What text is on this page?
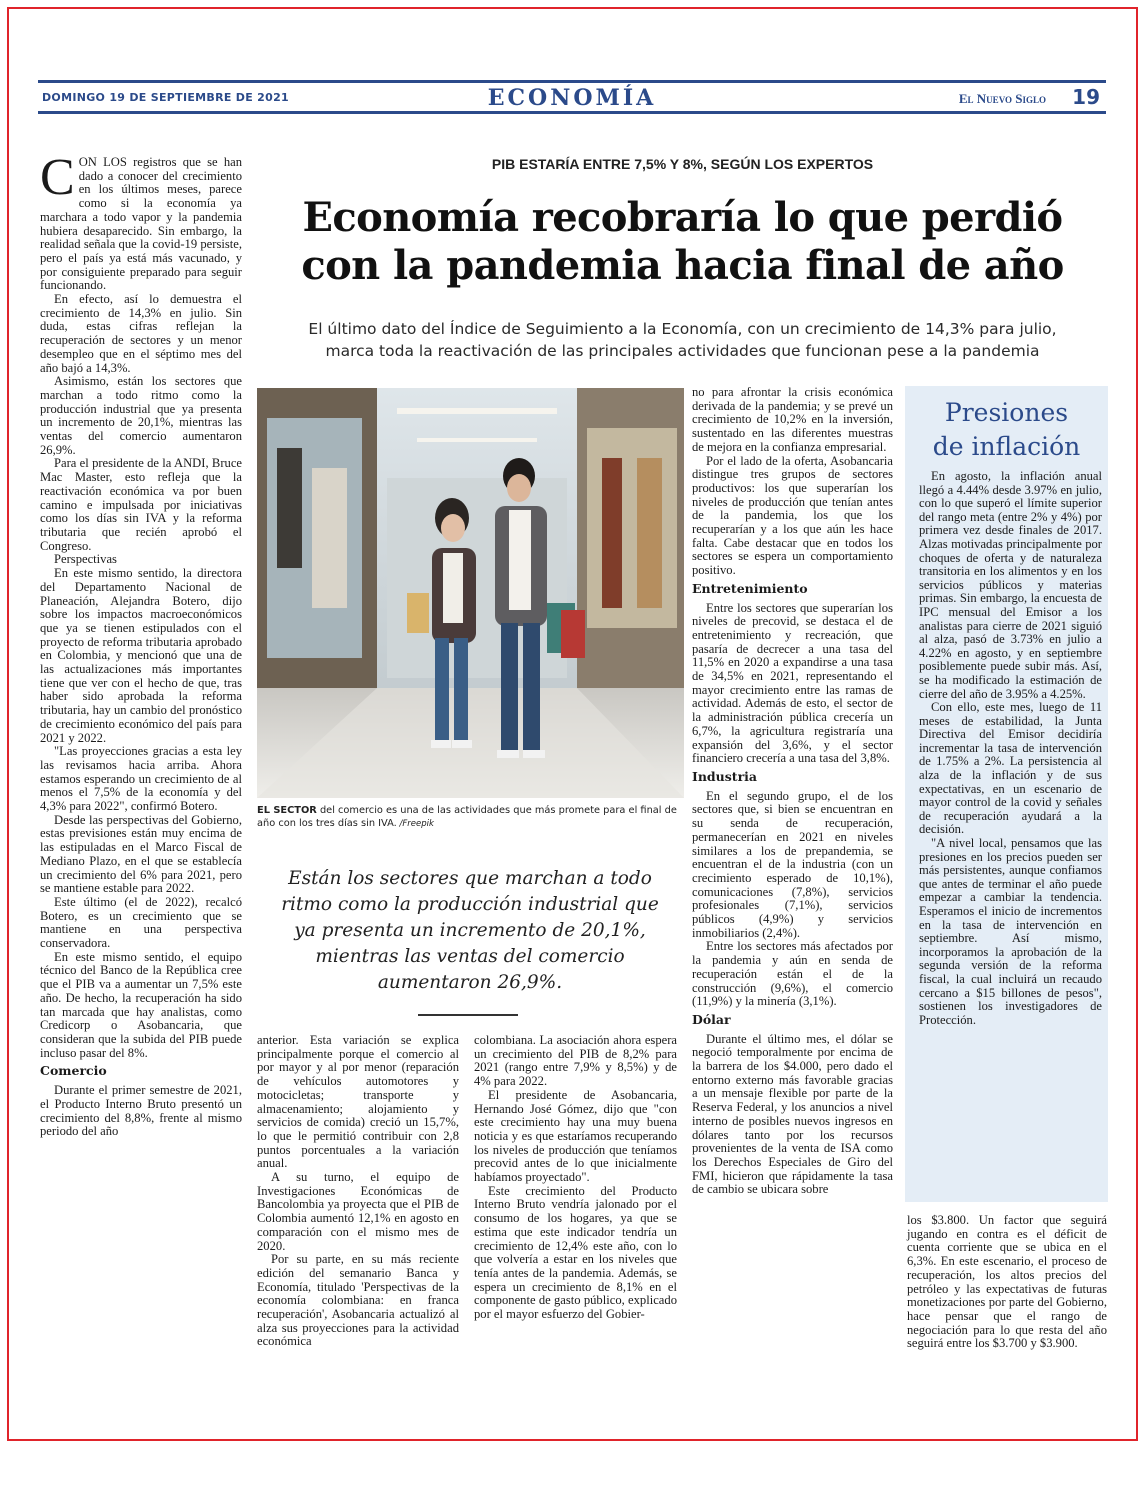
DOMINGO 19 DE SEPTIEMBRE DE 2021	ECONOMÍA	El Nuevo Siglo 19

CON LOS registros que se han dado a conocer del crecimiento en los últimos meses, parece como si la economía ya marchara a todo vapor y la pandemia hubiera desaparecido. Sin embargo, la realidad señala que la covid-19 persiste, pero el país ya está más vacunado, y por consiguiente preparado para seguir funcionando.

En efecto, así lo demuestra el crecimiento de 14,3% en julio. Sin duda, estas cifras reflejan la recuperación de sectores y un menor desempleo que en el séptimo mes del año bajó a 14,3%.

Asimismo, están los sectores que marchan a todo ritmo como la producción industrial que ya presenta un incremento de 20,1%, mientras las ventas del comercio aumentaron 26,9%.

Para el presidente de la ANDI, Bruce Mac Master, esto refleja que la reactivación económica va por buen camino e impulsada por iniciativas como los días sin IVA y la reforma tributaria que recién aprobó el Congreso.

Perspectivas

En este mismo sentido, la directora del Departamento Nacional de Planeación, Alejandra Botero, dijo sobre los impactos macroeconómicos que ya se tienen estipulados con el proyecto de reforma tributaria aprobado en Colombia, y mencionó que una de las actualizaciones más importantes tiene que ver con el hecho de que, tras haber sido aprobada la reforma tributaria, hay un cambio del pronóstico de crecimiento económico del país para 2021 y 2022.

"Las proyecciones gracias a esta ley las revisamos hacia arriba. Ahora estamos esperando un crecimiento de al menos el 7,5% de la economía y del 4,3% para 2022", confirmó Botero.

Desde las perspectivas del Gobierno, estas previsiones están muy encima de las estipuladas en el Marco Fiscal de Mediano Plazo, en el que se establecía un crecimiento del 6% para 2021, pero se mantiene estable para 2022.

Este último (el de 2022), recalcó Botero, es un crecimiento que se mantiene en una perspectiva conservadora.

En este mismo sentido, el equipo técnico del Banco de la República cree que el PIB va a aumentar un 7,5% este año. De hecho, la recuperación ha sido tan marcada que hay analistas, como Credicorp o Asobancaria, que consideran que la subida del PIB puede incluso pasar del 8%.

Comercio

Durante el primer semestre de 2021, el Producto Interno Bruto presentó un crecimiento del 8,8%, frente al mismo periodo del año

PIB ESTARÍA ENTRE 7,5% Y 8%, SEGÚN LOS EXPERTOS
Economía recobraría lo que perdió
con la pandemia hacia final de año
El último dato del Índice de Seguimiento a la Economía, con un crecimiento de 14,3% para julio,
marca toda la reactivación de las principales actividades que funcionan pese a la pandemia
EL SECTOR del comercio es una de las actividades que más promete para el final de año con los tres días sin IVA. /Freepik
Están los sectores que marchan a todo ritmo como la producción industrial que ya presenta un incremento de 20,1%, mientras las ventas del comercio aumentaron 26,9%.

anterior. Esta variación se explica principalmente porque el comercio al por mayor y al por menor (reparación de vehículos automotores y motocicletas; transporte y almacenamiento; alojamiento y servicios de comida) creció un 15,7%, lo que le permitió contribuir con 2,8 puntos porcentuales a la variación anual.

A su turno, el equipo de Investigaciones Económicas de Bancolombia ya proyecta que el PIB de Colombia aumentó 12,1% en agosto en comparación con el mismo mes de 2020.

Por su parte, en su más reciente edición del semanario Banca y Economía, titulado 'Perspectivas de la economía colombiana: en franca recuperación', Asobancaria actualizó al alza sus proyecciones para la actividad económica

colombiana. La asociación ahora espera un crecimiento del PIB de 8,2% para 2021 (rango entre 7,9% y 8,5%) y de 4% para 2022.

El presidente de Asobancaria, Hernando José Gómez, dijo que "con este crecimiento hay una muy buena noticia y es que estaríamos recuperando los niveles de producción que teníamos precovid antes de lo que inicialmente habíamos proyectado".

Este crecimiento del Producto Interno Bruto vendría jalonado por el consumo de los hogares, ya que se estima que este indicador tendría un crecimiento de 12,4% este año, con lo que volvería a estar en los niveles que tenía antes de la pandemia. Además, se espera un crecimiento de 8,1% en el componente de gasto público, explicado por el mayor esfuerzo del Gobier-

no para afrontar la crisis económica derivada de la pandemia; y se prevé un crecimiento de 10,2% en la inversión, sustentado en las diferentes muestras de mejora en la confianza empresarial.

Por el lado de la oferta, Asobancaria distingue tres grupos de sectores productivos: los que superarían los niveles de producción que tenían antes de la pandemia, los que los recuperarían y a los que aún les hace falta. Cabe destacar que en todos los sectores se espera un comportamiento positivo.

Entretenimiento

Entre los sectores que superarían los niveles de precovid, se destaca el de entretenimiento y recreación, que pasaría de decrecer a una tasa del 11,5% en 2020 a expandirse a una tasa de 34,5% en 2021, representando el mayor crecimiento entre las ramas de actividad. Además de esto, el sector de la administración pública crecería un 6,7%, la agricultura registraría una expansión del 3,6%, y el sector financiero crecería a una tasa del 3,8%.

Industria

En el segundo grupo, el de los sectores que, si bien se encuentran en su senda de recuperación, permanecerían en 2021 en niveles similares a los de prepandemia, se encuentran el de la industria (con un crecimiento esperado de 10,1%), comunicaciones (7,8%), servicios profesionales (7,1%), servicios públicos (4,9%) y servicios inmobiliarios (2,4%).

Entre los sectores más afectados por la pandemia y aún en senda de recuperación están el de la construcción (9,6%), el comercio (11,9%) y la minería (3,1%).

Dólar

Durante el último mes, el dólar se negoció temporalmente por encima de la barrera de los $4.000, pero dado el entorno externo más favorable gracias a un mensaje flexible por parte de la Reserva Federal, y los anuncios a nivel interno de posibles nuevos ingresos en dólares tanto por los recursos provenientes de la venta de ISA como los Derechos Especiales de Giro del FMI, hicieron que rápidamente la tasa de cambio se ubicara sobre

Presiones
de inflación

En agosto, la inflación anual llegó a 4.44% desde 3.97% en julio, con lo que superó el límite superior del rango meta (entre 2% y 4%) por primera vez desde finales de 2017. Alzas motivadas principalmente por choques de oferta y de naturaleza transitoria en los alimentos y en los servicios públicos y materias primas. Sin embargo, la encuesta de IPC mensual del Emisor a los analistas para cierre de 2021 siguió al alza, pasó de 3.73% en julio a 4.22% en agosto, y en septiembre posiblemente puede subir más. Así, se ha modificado la estimación de cierre del año de 3.95% a 4.25%.

Con ello, este mes, luego de 11 meses de estabilidad, la Junta Directiva del Emisor decidiría incrementar la tasa de intervención de 1.75% a 2%. La persistencia al alza de la inflación y de sus expectativas, en un escenario de mayor control de la covid y señales de recuperación ayudará a la decisión.

"A nivel local, pensamos que las presiones en los precios pueden ser más persistentes, aunque confiamos que antes de terminar el año puede empezar a cambiar la tendencia. Esperamos el inicio de incrementos en la tasa de intervención en septiembre. Así mismo, incorporamos la aprobación de la segunda versión de la reforma fiscal, la cual incluirá un recaudo cercano a $15 billones de pesos", sostienen los investigadores de Protección.

los $3.800. Un factor que seguirá jugando en contra es el déficit de cuenta corriente que se ubica en el 6,3%. En este escenario, el proceso de recuperación, los altos precios del petróleo y las expectativas de futuras monetizaciones por parte del Gobierno, hace pensar que el rango de negociación para lo que resta del año seguirá entre los $3.700 y $3.900.
